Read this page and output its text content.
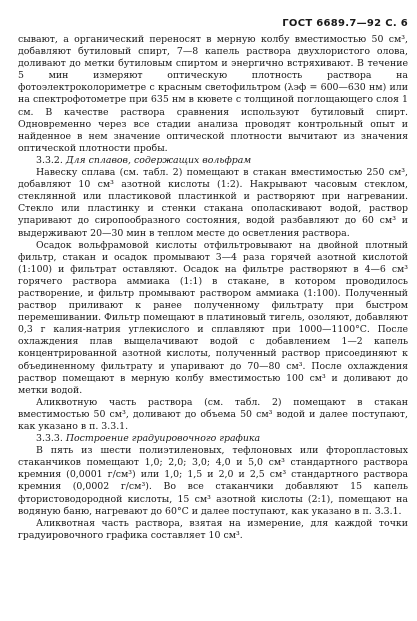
ГОСТ 6689.7—92 С. 6

сывают, а органический переносят в мерную колбу вместимостью 50 см³, добавляют бутиловый спирт, 7—8 капель раствора двухлористого олова, доливают до метки бутиловым спиртом и энергично встряхивают. В течение 5 мин измеряют оптическую плотность раствора на фотоэлектроколориметре с красным светофильтром (λэф = 600—630 нм) или на спектрофотометре при 635 нм в кювете с толщиной поглощающего слоя 1 см. В качестве раствора сравнения используют бутиловый спирт. Одновременно через все стадии анализа проводят контрольный опыт и найденное в нем значение оптической плотности вычитают из значения оптической плотности пробы.

3.3.2. Для сплавов, содержащих вольфрам

Навеску сплава (см. табл. 2) помещают в стакан вместимостью 250 см³, добавляют 10 см³ азотной кислоты (1:2). Накрывают часовым стеклом, стеклянной или пластиковой пластинкой и растворяют при нагревании. Стекло или пластинку и стенки стакана ополаскивают водой, раствор упаривают до сиропообразного состояния, водой разбавляют до 60 см³ и выдерживают 20—30 мин в теплом месте до осветления раствора.

Осадок вольфрамовой кислоты отфильтровывают на двойной плотный фильтр, стакан и осадок промывают 3—4 раза горячей азотной кислотой (1:100) и фильтрат оставляют. Осадок на фильтре растворяют в 4—6 см³ горячего раствора аммиака (1:1) в стакане, в котором проводилось растворение, и фильтр промывают раствором аммиака (1:100). Полученный раствор приливают к ранее полученному фильтрату при быстром перемешивании. Фильтр помещают в платиновый тигель, озоляют, добавляют 0,3 г калия-натрия углекислого и сплавляют при 1000—1100°С. После охлаждения плав выщелачивают водой с добавлением 1—2 капель концентрированной азотной кислоты, полученный раствор присоединяют к объединенному фильтрату и упаривают до 70—80 см³. После охлаждения раствор помещают в мерную колбу вместимостью 100 см³ и доливают до метки водой.

Аликвотную часть раствора (см. табл. 2) помещают в стакан вместимостью 50 см³, доливают до объема 50 см³ водой и далее поступают, как указано в п. 3.3.1.

3.3.3. Построение градуировочного графика

В пять из шести полиэтиленовых, тефлоновых или фторопластовых стаканчиков помещают 1,0; 2,0; 3,0; 4,0 и 5,0 см³ стандартного раствора кремния (0,0001 г/см³) или 1,0; 1,5 и 2,0 и 2,5 см³ стандартного раствора кремния (0,0002 г/см³). Во все стаканчики добавляют 15 капель фтористоводородной кислоты, 15 см³ азотной кислоты (2:1), помещают на водяную баню, нагревают до 60°С и далее поступают, как указано в п. 3.3.1.

Аликвотная часть раствора, взятая на измерение, для каждой точки градуировочного графика составляет 10 см³.
